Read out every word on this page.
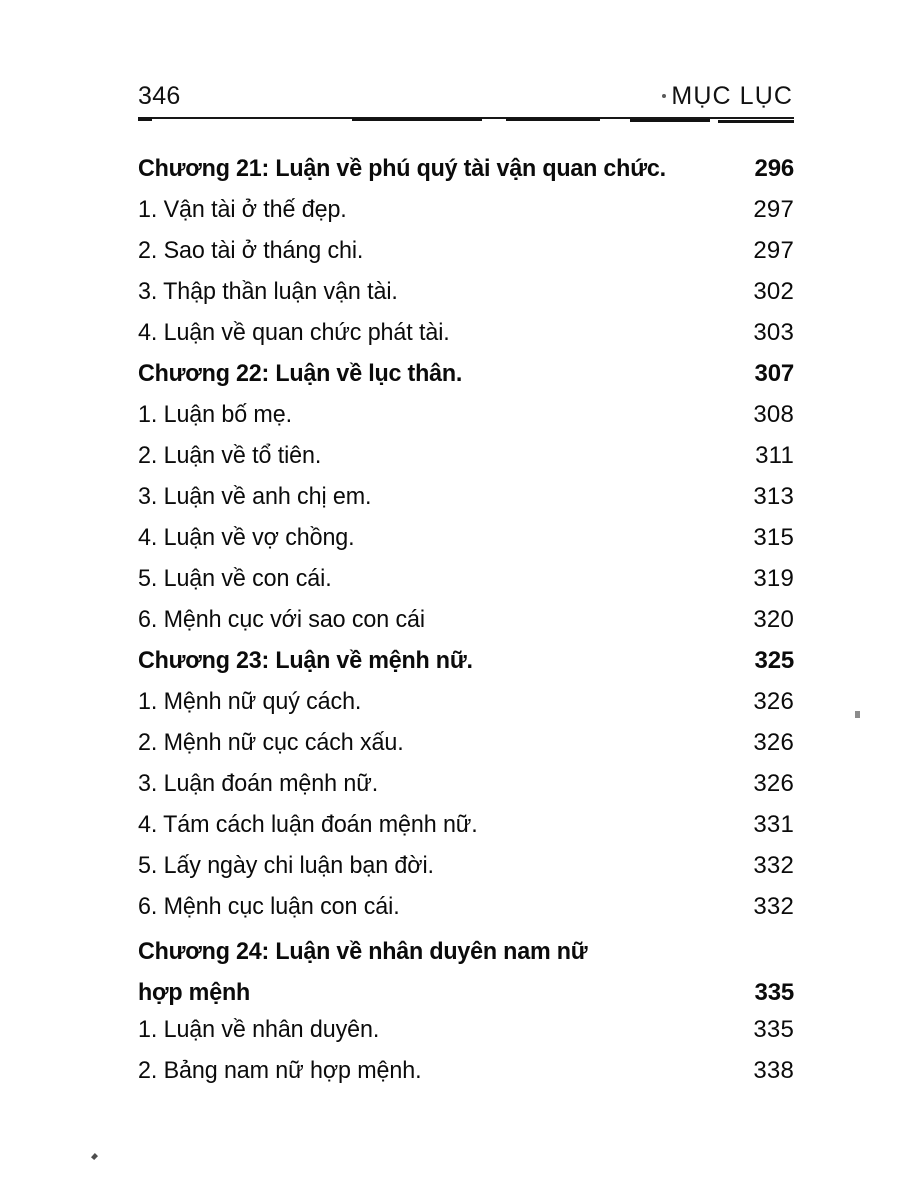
346	MỤC LỤC
Chương 21: Luận về phú quý tài vận quan chức.	296
1. Vận tài ở thế đẹp.	297
2. Sao tài ở tháng chi.	297
3. Thập thần luận vận tài.	302
4. Luận về quan chức phát tài.	303
Chương 22: Luận về lục thân.	307
1. Luận bố mẹ.	308
2. Luận về tổ tiên.	311
3. Luận về anh chị em.	313
4. Luận về vợ chồng.	315
5. Luận về con cái.	319
6. Mệnh cục với sao con cái	320
Chương 23: Luận về mệnh nữ.	325
1. Mệnh nữ quý cách.	326
2. Mệnh nữ cục cách xấu.	326
3. Luận đoán mệnh nữ.	326
4. Tám cách luận đoán mệnh nữ.	331
5. Lấy ngày chi luận bạn đời.	332
6. Mệnh cục luận con cái.	332
Chương 24: Luận về nhân duyên nam nữ hợp mệnh	335
1. Luận về nhân duyên.	335
2. Bảng nam nữ hợp mệnh.	338
